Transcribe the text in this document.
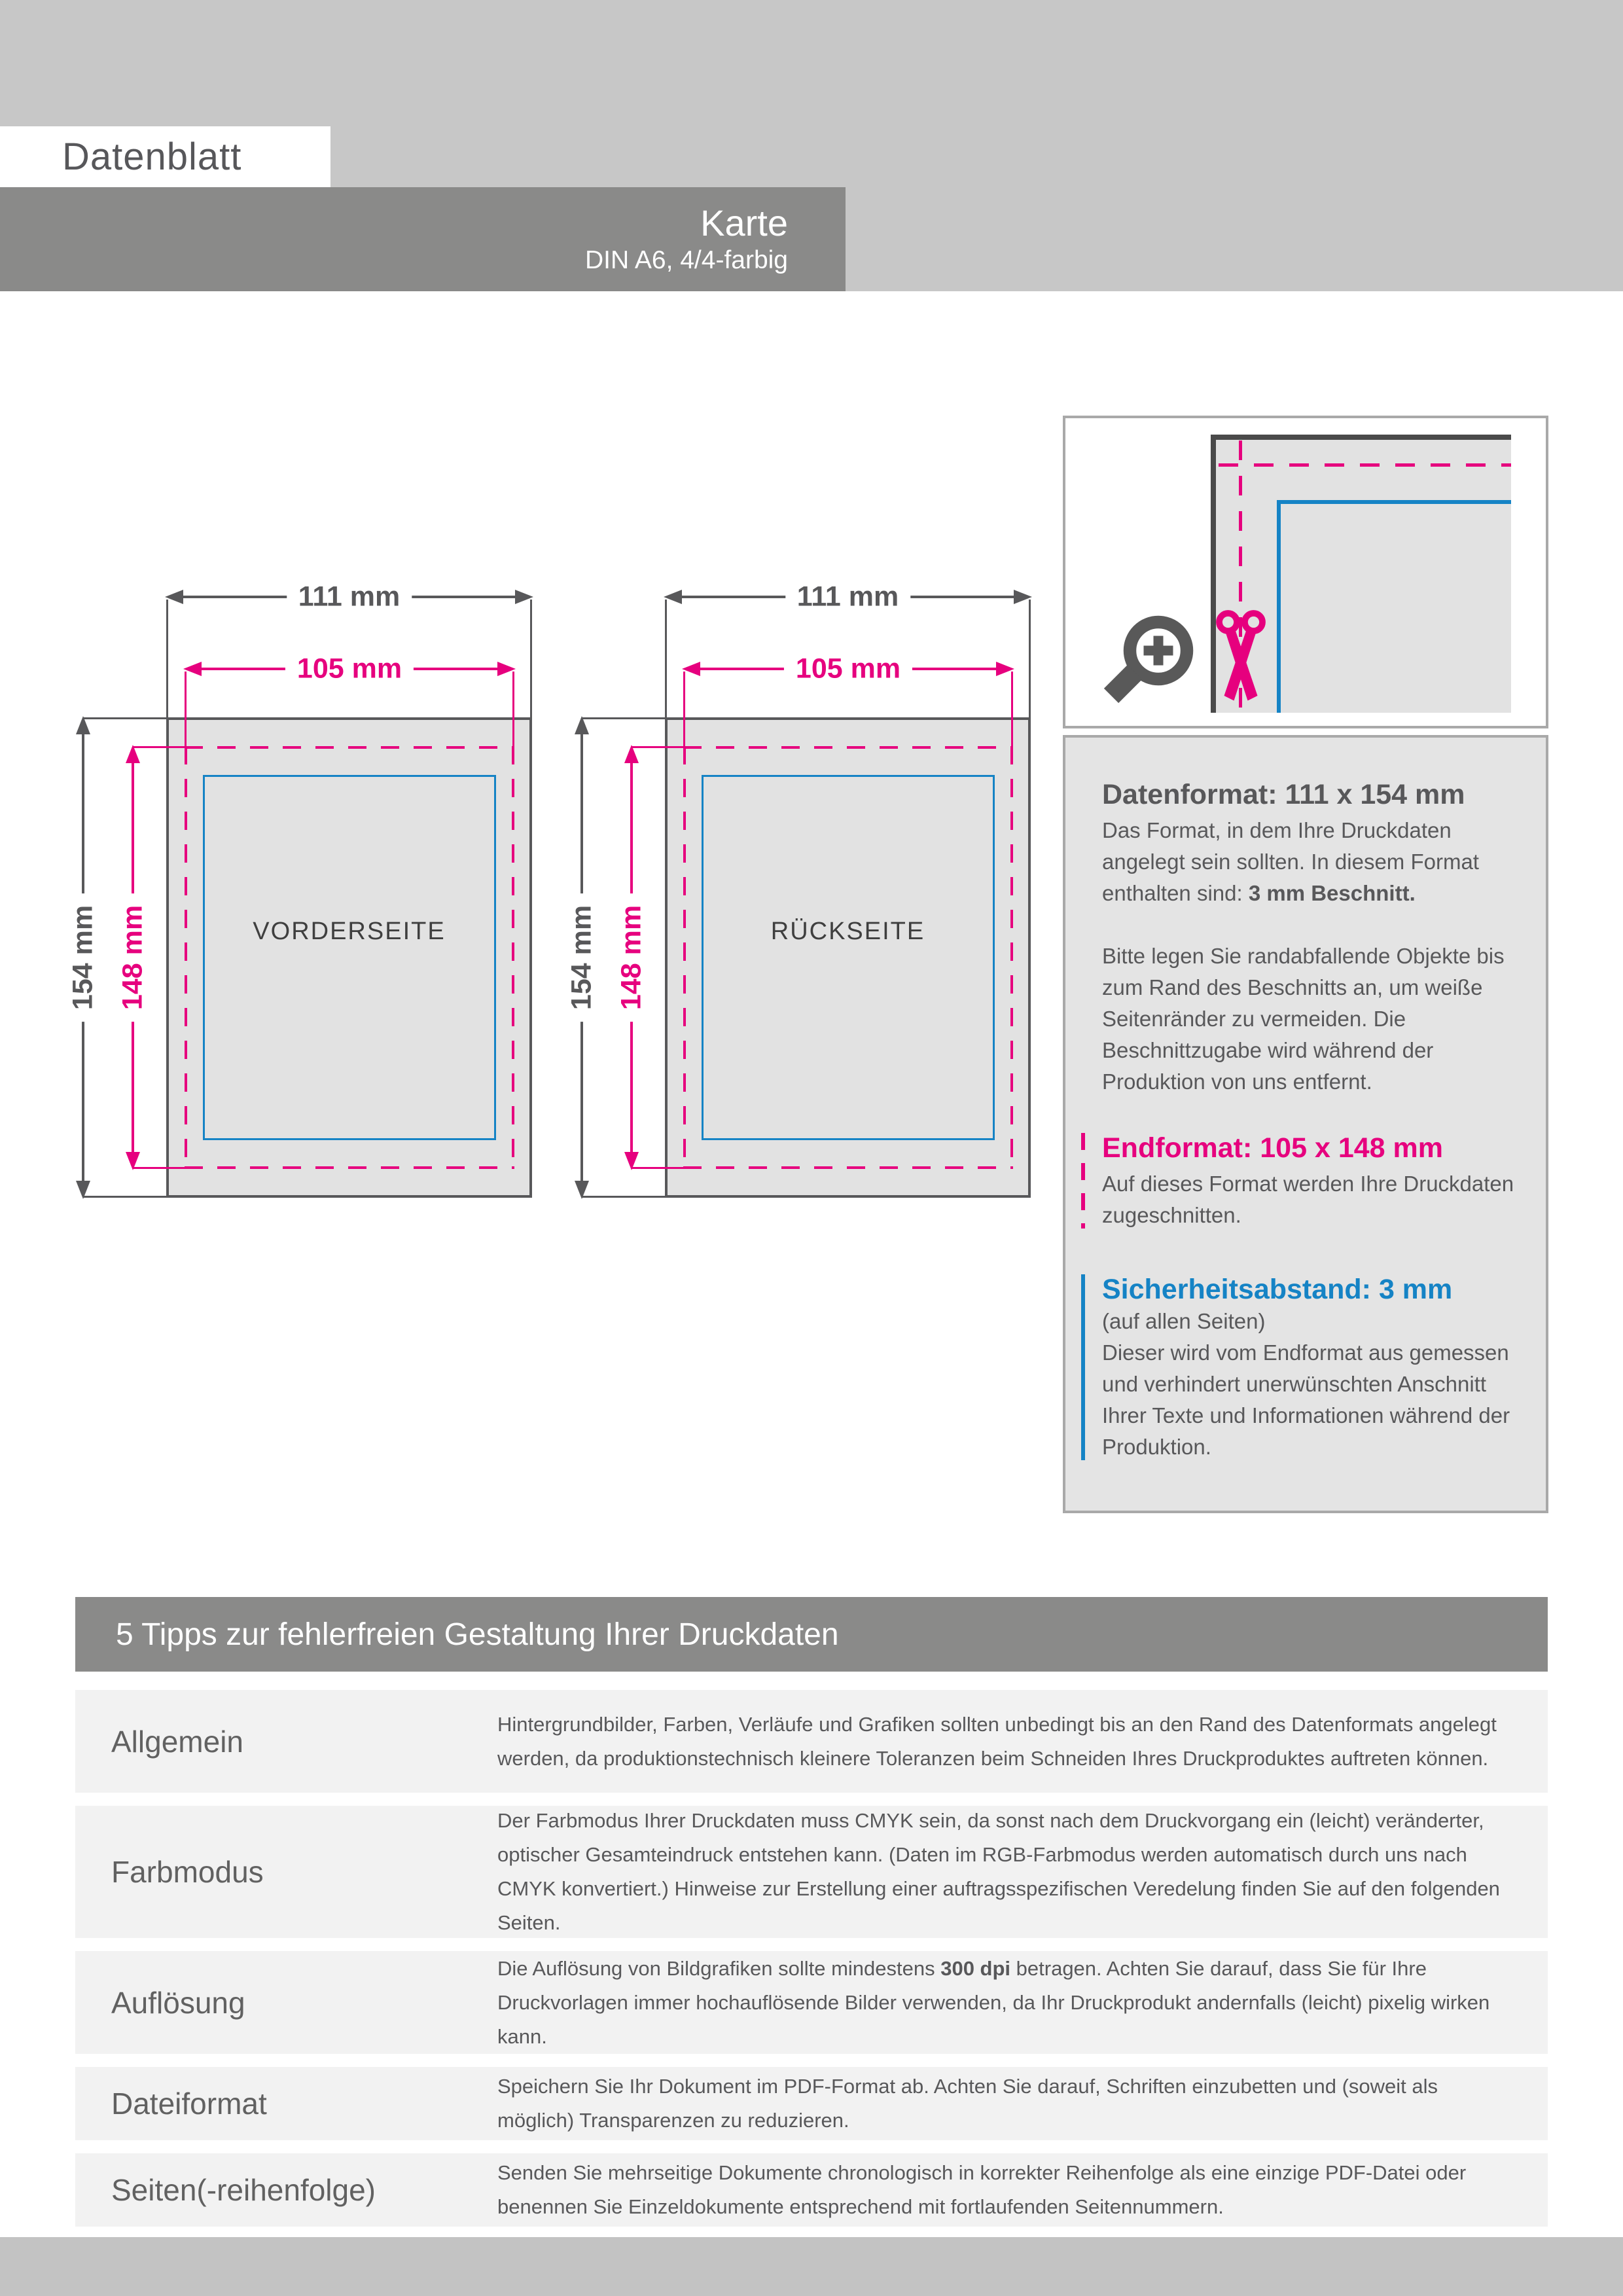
Datenblatt
Karte
DIN A6, 4/4-farbig
111 mm
105 mm
154 mm 148 mm	VORDERSEITE
111 mm
105 mm
154 mm 148 mm	RÜCKSEITE
Datenformat: 111 x 154 mm

Das Format, in dem Ihre Druckdaten angelegt sein sollten. In diesem Format enthalten sind: 3 mm Beschnitt.

Bitte legen Sie randabfallende Objekte bis zum Rand des Beschnitts an, um weiße Seitenränder zu vermeiden. Die Beschnittzugabe wird während der Produktion von uns entfernt.

Endformat: 105 x 148 mm

Auf dieses Format werden Ihre Druckdaten zugeschnitten.

Sicherheitsabstand: 3 mm

(auf allen Seiten)

Dieser wird vom Endformat aus gemessen und verhindert unerwünschten Anschnitt Ihrer Texte und Informationen während der Produktion.

5 Tipps zur fehlerfreien Gestaltung Ihrer Druckdaten
Allgemein

Hintergrundbilder, Farben, Verläufe und Grafiken sollten unbedingt bis an den Rand des Datenformats angelegt werden, da produktionstechnisch kleinere Toleranzen beim Schneiden Ihres Druckproduktes auftreten können.

Farbmodus

Der Farbmodus Ihrer Druckdaten muss CMYK sein, da sonst nach dem Druckvorgang ein (leicht) veränderter, optischer Gesamteindruck entstehen kann. (Daten im RGB-Farbmodus werden automatisch durch uns nach CMYK konvertiert.) Hinweise zur Erstellung einer auftragsspezifischen Veredelung finden Sie auf den folgenden Seiten.

Auflösung

Die Auflösung von Bildgrafiken sollte mindestens 300 dpi betragen. Achten Sie darauf, dass Sie für Ihre Druckvorlagen immer hochauflösende Bilder verwenden, da Ihr Druckprodukt andernfalls (leicht) pixelig wirken kann.

Dateiformat

Speichern Sie Ihr Dokument im PDF-Format ab. Achten Sie darauf, Schriften einzubetten und (soweit als möglich) Transparenzen zu reduzieren.

Seiten(-reihenfolge)

Senden Sie mehrseitige Dokumente chronologisch in korrekter Reihenfolge als eine einzige PDF-Datei oder benennen Sie Einzeldokumente entsprechend mit fortlaufenden Seitennummern.
